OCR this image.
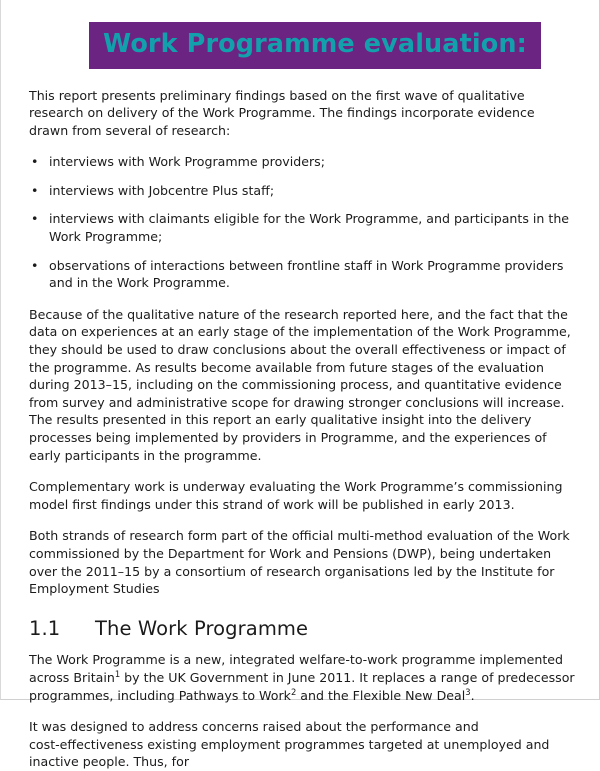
Work Programme evaluation:

This report presents preliminary findings based on the first wave of qualitative research on delivery of the Work Programme. The findings incorporate evidence drawn from several of research:

• interviews with Work Programme providers;
• interviews with Jobcentre Plus staff;
• interviews with claimants eligible for the Work Programme, and participants in the Work Programme;
• observations of interactions between frontline staff in Work Programme providers and in the Work Programme.

Because of the qualitative nature of the research reported here, and the fact that the data on experiences at an early stage of the implementation of the Work Programme, they should be used to draw conclusions about the overall effectiveness or impact of the programme. As results become available from future stages of the evaluation during 2013–15, including on the commissioning process, and quantitative evidence from survey and administrative scope for drawing stronger conclusions will increase. The results presented in this report an early qualitative insight into the delivery processes being implemented by providers in Programme, and the experiences of early participants in the programme.

Complementary work is underway evaluating the Work Programme’s commissioning model first findings under this strand of work will be published in early 2013.

Both strands of research form part of the official multi‑method evaluation of the Work commissioned by the Department for Work and Pensions (DWP), being undertaken over the 2011–15 by a consortium of research organisations led by the Institute for Employment Studies

1.1	The Work Programme

The Work Programme is a new, integrated welfare‑to‑work programme implemented across Britain$^1$ by the UK Government in June 2011. It replaces a range of predecessor programmes, including Pathways to Work$^2$ and the Flexible New Deal$^3$.

It was designed to address concerns raised about the performance and cost‑effectiveness existing employment programmes targeted at unemployed and inactive people. Thus, for
